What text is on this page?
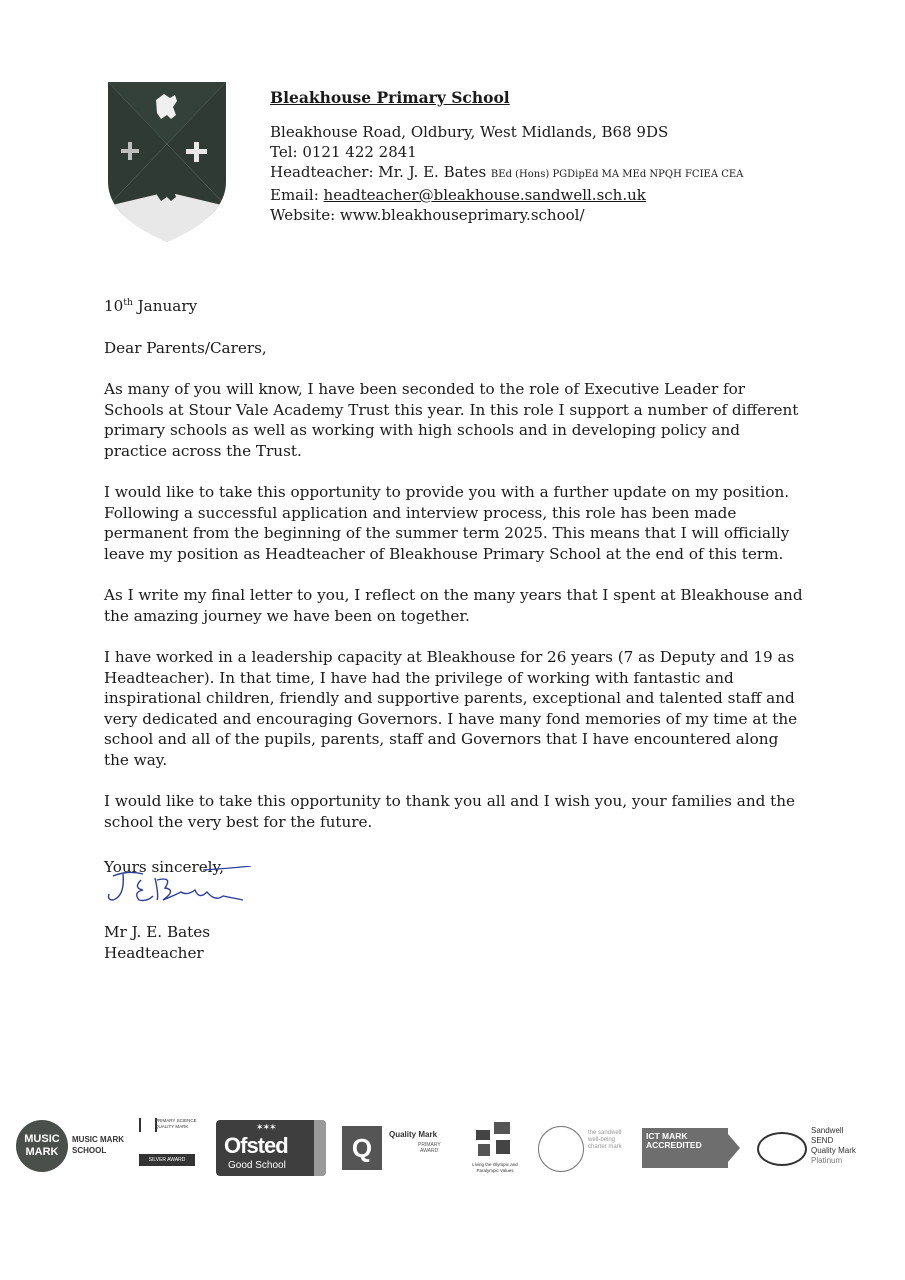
Bleakhouse Primary School
Bleakhouse Road, Oldbury, West Midlands, B68 9DS
Tel: 0121 422 2841
Headteacher: Mr. J. E. Bates BEd (Hons) PGDipEd MA MEd NPQH FCIEA CEA
Email: headteacher@bleakhouse.sandwell.sch.uk
Website: www.bleakhouseprimary.school/

10th January

Dear Parents/Carers,

As many of you will know, I have been seconded to the role of Executive Leader for Schools at Stour Vale Academy Trust this year. In this role I support a number of different primary schools as well as working with high schools and in developing policy and practice across the Trust.

I would like to take this opportunity to provide you with a further update on my position. Following a successful application and interview process, this role has been made permanent from the beginning of the summer term 2025. This means that I will officially leave my position as Headteacher of Bleakhouse Primary School at the end of this term.

As I write my final letter to you, I reflect on the many years that I spent at Bleakhouse and the amazing journey we have been on together.

I have worked in a leadership capacity at Bleakhouse for 26 years (7 as Deputy and 19 as Headteacher). In that time, I have had the privilege of working with fantastic and inspirational children, friendly and supportive parents, exceptional and talented staff and very dedicated and encouraging Governors. I have many fond memories of my time at the school and all of the pupils, parents, staff and Governors that I have encountered along the way.

I would like to take this opportunity to thank you all and I wish you, your families and the school the very best for the future.

Yours sincerely,
Mr J. E. Bates
Headteacher
MUSIC MARK
MUSIC MARK SCHOOL
PRIMARY SCIENCE QUALITY MARK
SILVER AWARD
✶✶✶
Ofsted
Good School
Q	Quality Mark
PRIMARY
AWARD
Living the Olympic and Paralympic Values
the sandwell well-being charter mark
ICT MARK ACCREDITED
Sandwell
SEND
Quality Mark
Platinum
